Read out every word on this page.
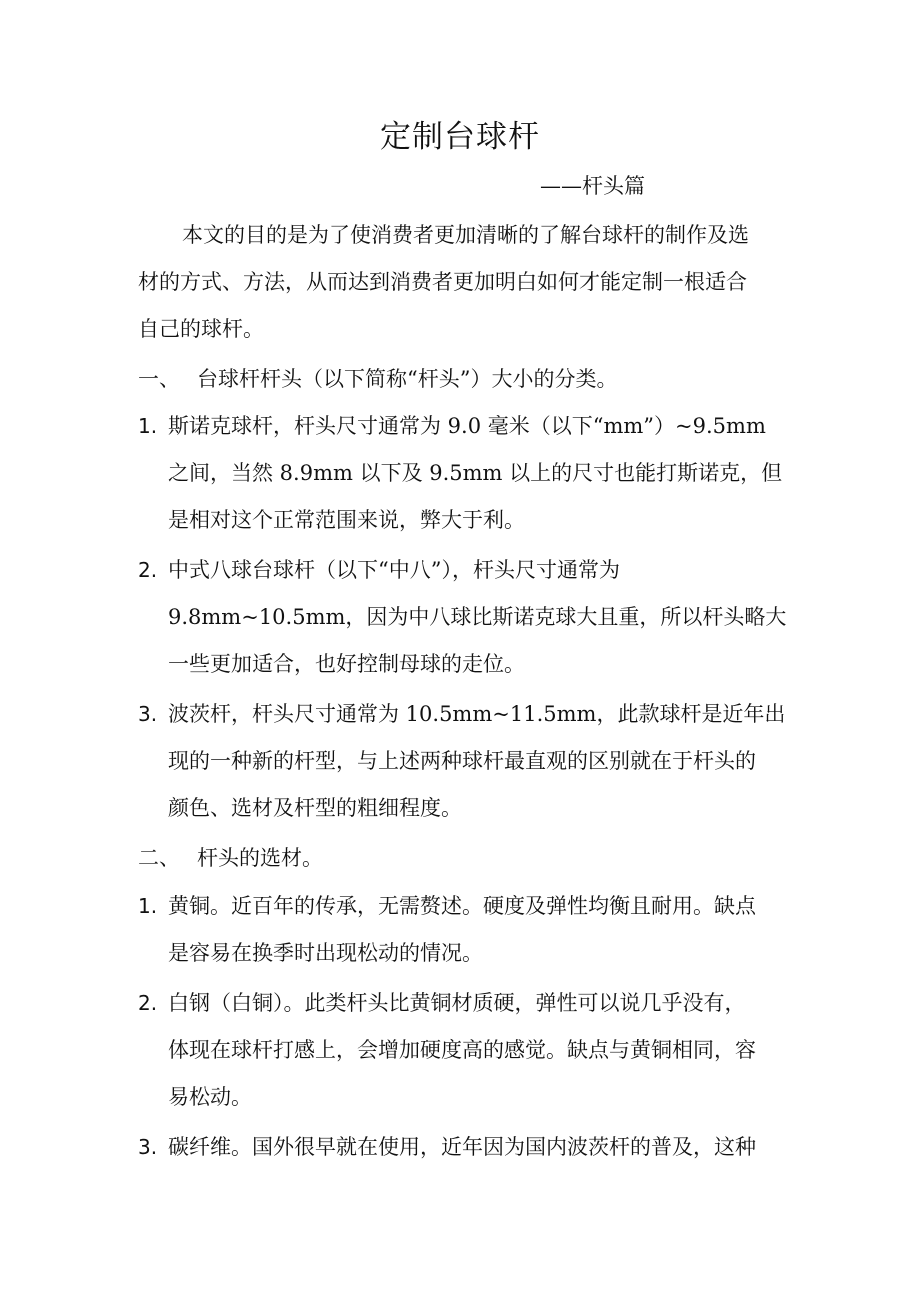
定制台球杆
——杆头篇
本文的目的是为了使消费者更加清晰的了解台球杆的制作及选
材的方式、方法，从而达到消费者更加明白如何才能定制一根适合
自己的球杆。
一、 台球杆杆头（以下简称“杆头”）大小的分类。
1. 斯诺克球杆，杆头尺寸通常为 9.0 毫米（以下“mm”）~9.5mm
之间，当然 8.9mm 以下及 9.5mm 以上的尺寸也能打斯诺克，但
是相对这个正常范围来说，弊大于利。
2. 中式八球台球杆（以下“中八”），杆头尺寸通常为
9.8mm~10.5mm，因为中八球比斯诺克球大且重，所以杆头略大
一些更加适合，也好控制母球的走位。
3. 波茨杆，杆头尺寸通常为 10.5mm~11.5mm，此款球杆是近年出
现的一种新的杆型，与上述两种球杆最直观的区别就在于杆头的
颜色、选材及杆型的粗细程度。
二、 杆头的选材。
1. 黄铜。近百年的传承，无需赘述。硬度及弹性均衡且耐用。缺点
是容易在换季时出现松动的情况。
2. 白钢（白铜）。此类杆头比黄铜材质硬，弹性可以说几乎没有，
体现在球杆打感上，会增加硬度高的感觉。缺点与黄铜相同，容
易松动。
3. 碳纤维。国外很早就在使用，近年因为国内波茨杆的普及，这种
